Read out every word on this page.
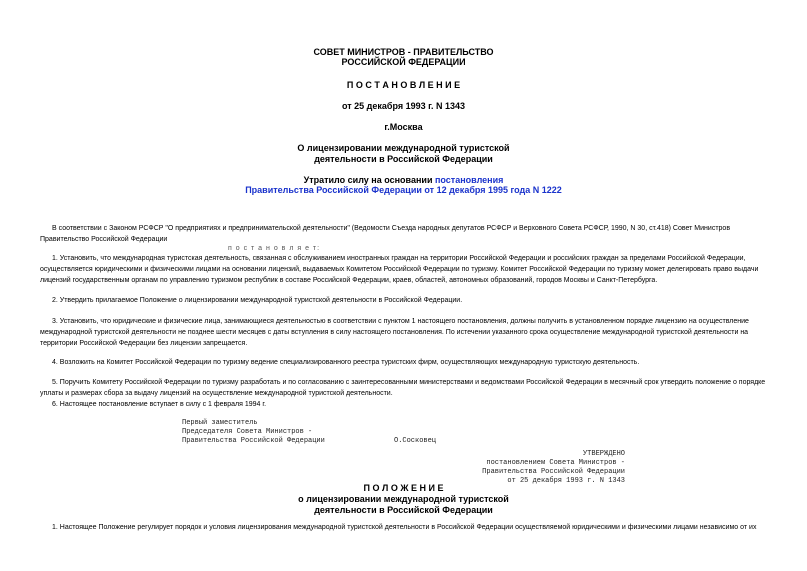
СОВЕТ МИНИСТРОВ - ПРАВИТЕЛЬСТВО
РОССИЙСКОЙ ФЕДЕРАЦИИ
П О С Т А Н О В Л Е Н И Е
от 25 декабря 1993 г. N 1343
г.Москва
О лицензировании международной туристской
деятельности в Российской Федерации
Утратило силу на основании постановления
Правительства Российской Федерации от 12 декабря 1995 года N 1222
В соответствии с Законом РСФСР "О предприятиях и предпринимательской деятельности" (Ведомости Съезда народных депутатов РСФСР и Верховного Совета РСФСР, 1990, N 30, ст.418) Совет Министров Правительство Российской Федерации
п о с т а н о в л я е т:
1. Установить, что международная туристская деятельность, связанная с обслуживанием иностранных граждан на территории Российской Федерации и российских граждан за пределами Российской Федерации, осуществляется юридическими и физическими лицами на основании лицензий, выдаваемых Комитетом Российской Федерации по туризму. Комитет Российской Федерации по туризму может делегировать право выдачи лицензий государственным органам по управлению туризмом республик в составе Российской Федерации, краев, областей, автономных образований, городов Москвы и Санкт-Петербурга.
2. Утвердить прилагаемое Положение о лицензировании международной туристской деятельности в Российской Федерации.
3. Установить, что юридические и физические лица, занимающиеся деятельностью в соответствии с пунктом 1 настоящего постановления, должны получить в установленном порядке лицензию на осуществление международной туристской деятельности не позднее шести месяцев с даты вступления в силу настоящего постановления. По истечении указанного срока осуществление международной туристской деятельности на территории Российской Федерации без лицензии запрещается.
4. Возложить на Комитет Российской Федерации по туризму ведение специализированного реестра туристских фирм, осуществляющих международную туристскую деятельность.
5. Поручить Комитету Российской Федерации по туризму разработать и по согласованию с заинтересованными министерствами и ведомствами Российской Федерации в месячный срок утвердить положение о порядке уплаты и размерах сбора за выдачу лицензий на осуществление международной туристской деятельности.
6. Настоящее постановление вступает в силу с 1 февраля 1994 г.
Первый заместитель
Председателя Совета Министров -
Правительства Российской Федерации	О.Сосковец
УТВЕРЖДЕНО
постановлением Совета Министров -
Правительства Российской Федерации
от 25 декабря 1993 г. N 1343
П О Л О Ж Е Н И Е
о лицензировании международной туристской
деятельности в Российской Федерации
1. Настоящее Положение регулирует порядок и условия лицензирования международной туристской деятельности в Российской Федерации осуществляемой юридическими и физическими лицами независимо от их
